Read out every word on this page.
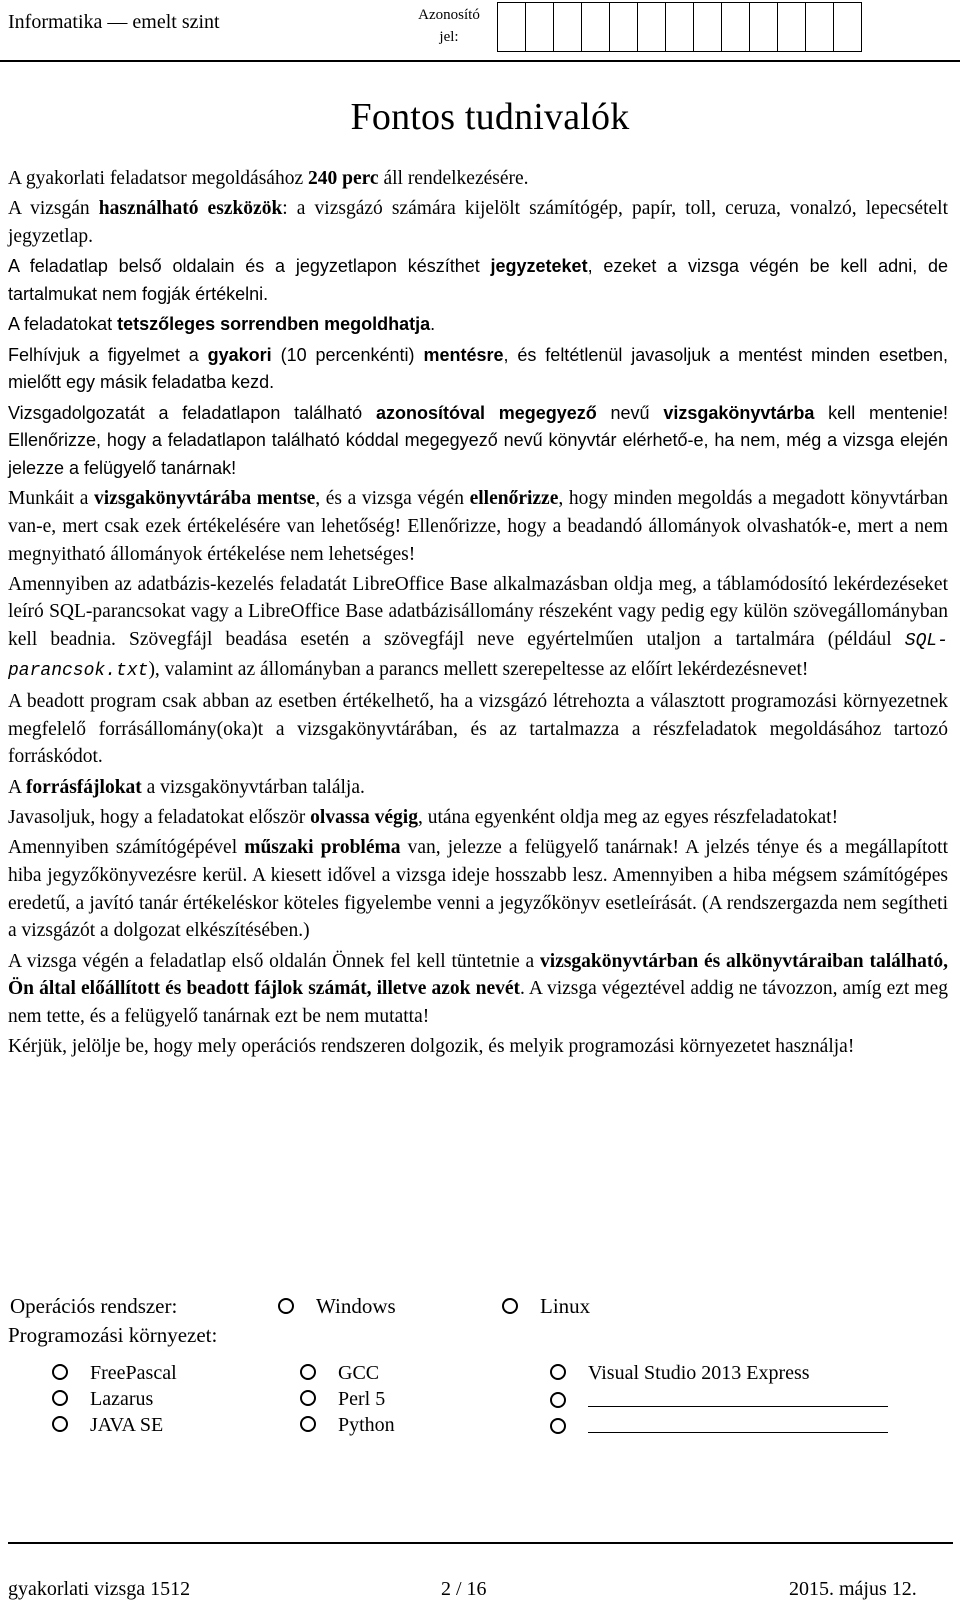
Informatika — emelt szint	Azonosító
jel:
Fontos tudnivalók

A gyakorlati feladatsor megoldásához 240 perc áll rendelkezésére.

A vizsgán használható eszközök: a vizsgázó számára kijelölt számítógép, papír, toll, ceruza, vonalzó, lepecsételt jegyzetlap.

A feladatlap belső oldalain és a jegyzetlapon készíthet jegyzeteket, ezeket a vizsga végén be kell adni, de tartalmukat nem fogják értékelni.

A feladatokat tetszőleges sorrendben megoldhatja.

Felhívjuk a figyelmet a gyakori (10 percenkénti) mentésre, és feltétlenül javasoljuk a mentést minden esetben, mielőtt egy másik feladatba kezd.

Vizsgadolgozatát a feladatlapon található azonosítóval megegyező nevű vizsgakönyvtárba kell mentenie! Ellenőrizze, hogy a feladatlapon található kóddal megegyező nevű könyvtár elérhető-e, ha nem, még a vizsga elején jelezze a felügyelő tanárnak!

Munkáit a vizsgakönyvtárába mentse, és a vizsga végén ellenőrizze, hogy minden megoldás a megadott könyvtárban van-e, mert csak ezek értékelésére van lehetőség! Ellenőrizze, hogy a beadandó állományok olvashatók-e, mert a nem megnyitható állományok értékelése nem lehetséges!

Amennyiben az adatbázis-kezelés feladatát LibreOffice Base alkalmazásban oldja meg, a táblamódosító lekérdezéseket leíró SQL-parancsokat vagy a LibreOffice Base adatbázisállomány részeként vagy pedig egy külön szövegállományban kell beadnia. Szövegfájl beadása esetén a szövegfájl neve egyértelműen utaljon a tartalmára (például SQL-parancsok.txt), valamint az állományban a parancs mellett szerepeltesse az előírt lekérdezésnevet!

A beadott program csak abban az esetben értékelhető, ha a vizsgázó létrehozta a választott programozási környezetnek megfelelő forrásállomány(oka)t a vizsgakönyvtárában, és az tartalmazza a részfeladatok megoldásához tartozó forráskódot.

A forrásfájlokat a vizsgakönyvtárban találja.

Javasoljuk, hogy a feladatokat először olvassa végig, utána egyenként oldja meg az egyes részfeladatokat!

Amennyiben számítógépével műszaki probléma van, jelezze a felügyelő tanárnak! A jelzés ténye és a megállapított hiba jegyzőkönyvezésre kerül. A kiesett idővel a vizsga ideje hosszabb lesz. Amennyiben a hiba mégsem számítógépes eredetű, a javító tanár értékeléskor köteles figyelembe venni a jegyzőkönyv esetleírását. (A rendszergazda nem segítheti a vizsgázót a dolgozat elkészítésében.)

A vizsga végén a feladatlap első oldalán Önnek fel kell tüntetnie a vizsgakönyvtárban és alkönyvtáraiban található, Ön által előállított és beadott fájlok számát, illetve azok nevét. A vizsga végeztével addig ne távozzon, amíg ezt meg nem tette, és a felügyelő tanárnak ezt be nem mutatta!

Kérjük, jelölje be, hogy mely operációs rendszeren dolgozik, és melyik programozási környezetet használja!

Operációs rendszer:	Windows	Linux
Programozási környezet:
FreePascal
Lazarus
JAVA SE
GCC
Perl 5
Python
Visual Studio 2013 Express
gyakorlati vizsga 1512	2 / 16	2015. május 12.
